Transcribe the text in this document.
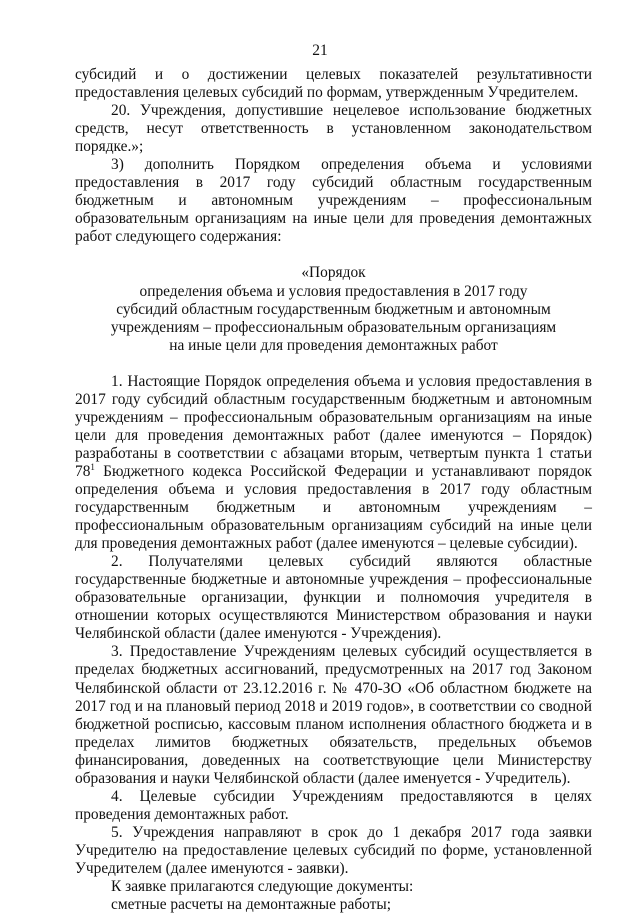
21

субсидий и о достижении целевых показателей результативности предоставления целевых субсидий по формам, утвержденным Учредителем.

20. Учреждения, допустившие нецелевое использование бюджетных средств, несут ответственность в установленном законодательством порядке.»;

3) дополнить Порядком определения объема и условиями предоставления в 2017 году субсидий областным государственным бюджетным и автономным учреждениям – профессиональным образовательным организациям на иные цели для проведения демонтажных работ следующего содержания:

«Порядок
определения объема и условия предоставления в 2017 году
субсидий областным государственным бюджетным и автономным
учреждениям – профессиональным образовательным организациям
на иные цели для проведения демонтажных работ

1. Настоящие Порядок определения объема и условия предоставления в 2017 году субсидий областным государственным бюджетным и автономным учреждениям – профессиональным образовательным организациям на иные цели для проведения демонтажных работ (далее именуются – Порядок) разработаны в соответствии с абзацами вторым, четвертым пункта 1 статьи $78^1$ Бюджетного кодекса Российской Федерации и устанавливают порядок определения объема и условия предоставления в 2017 году областным государственным бюджетным и автономным учреждениям – профессиональным образовательным организациям субсидий на иные цели для проведения демонтажных работ (далее именуются – целевые субсидии).

2. Получателями целевых субсидий являются областные государственные бюджетные и автономные учреждения – профессиональные образовательные организации, функции и полномочия учредителя в отношении которых осуществляются Министерством образования и науки Челябинской области (далее именуются - Учреждения).

3. Предоставление Учреждениям целевых субсидий осуществляется в пределах бюджетных ассигнований, предусмотренных на 2017 год Законом Челябинской области от 23.12.2016 г. № 470-ЗО «Об областном бюджете на 2017 год и на плановый период 2018 и 2019 годов», в соответствии со сводной бюджетной росписью, кассовым планом исполнения областного бюджета и в пределах лимитов бюджетных обязательств, предельных объемов финансирования, доведенных на соответствующие цели Министерству образования и науки Челябинской области (далее именуется - Учредитель).

4. Целевые субсидии Учреждениям предоставляются в целях проведения демонтажных работ.

5. Учреждения направляют в срок до 1 декабря 2017 года заявки Учредителю на предоставление целевых субсидий по форме, установленной Учредителем (далее именуются - заявки).

К заявке прилагаются следующие документы:

сметные расчеты на демонтажные работы;
